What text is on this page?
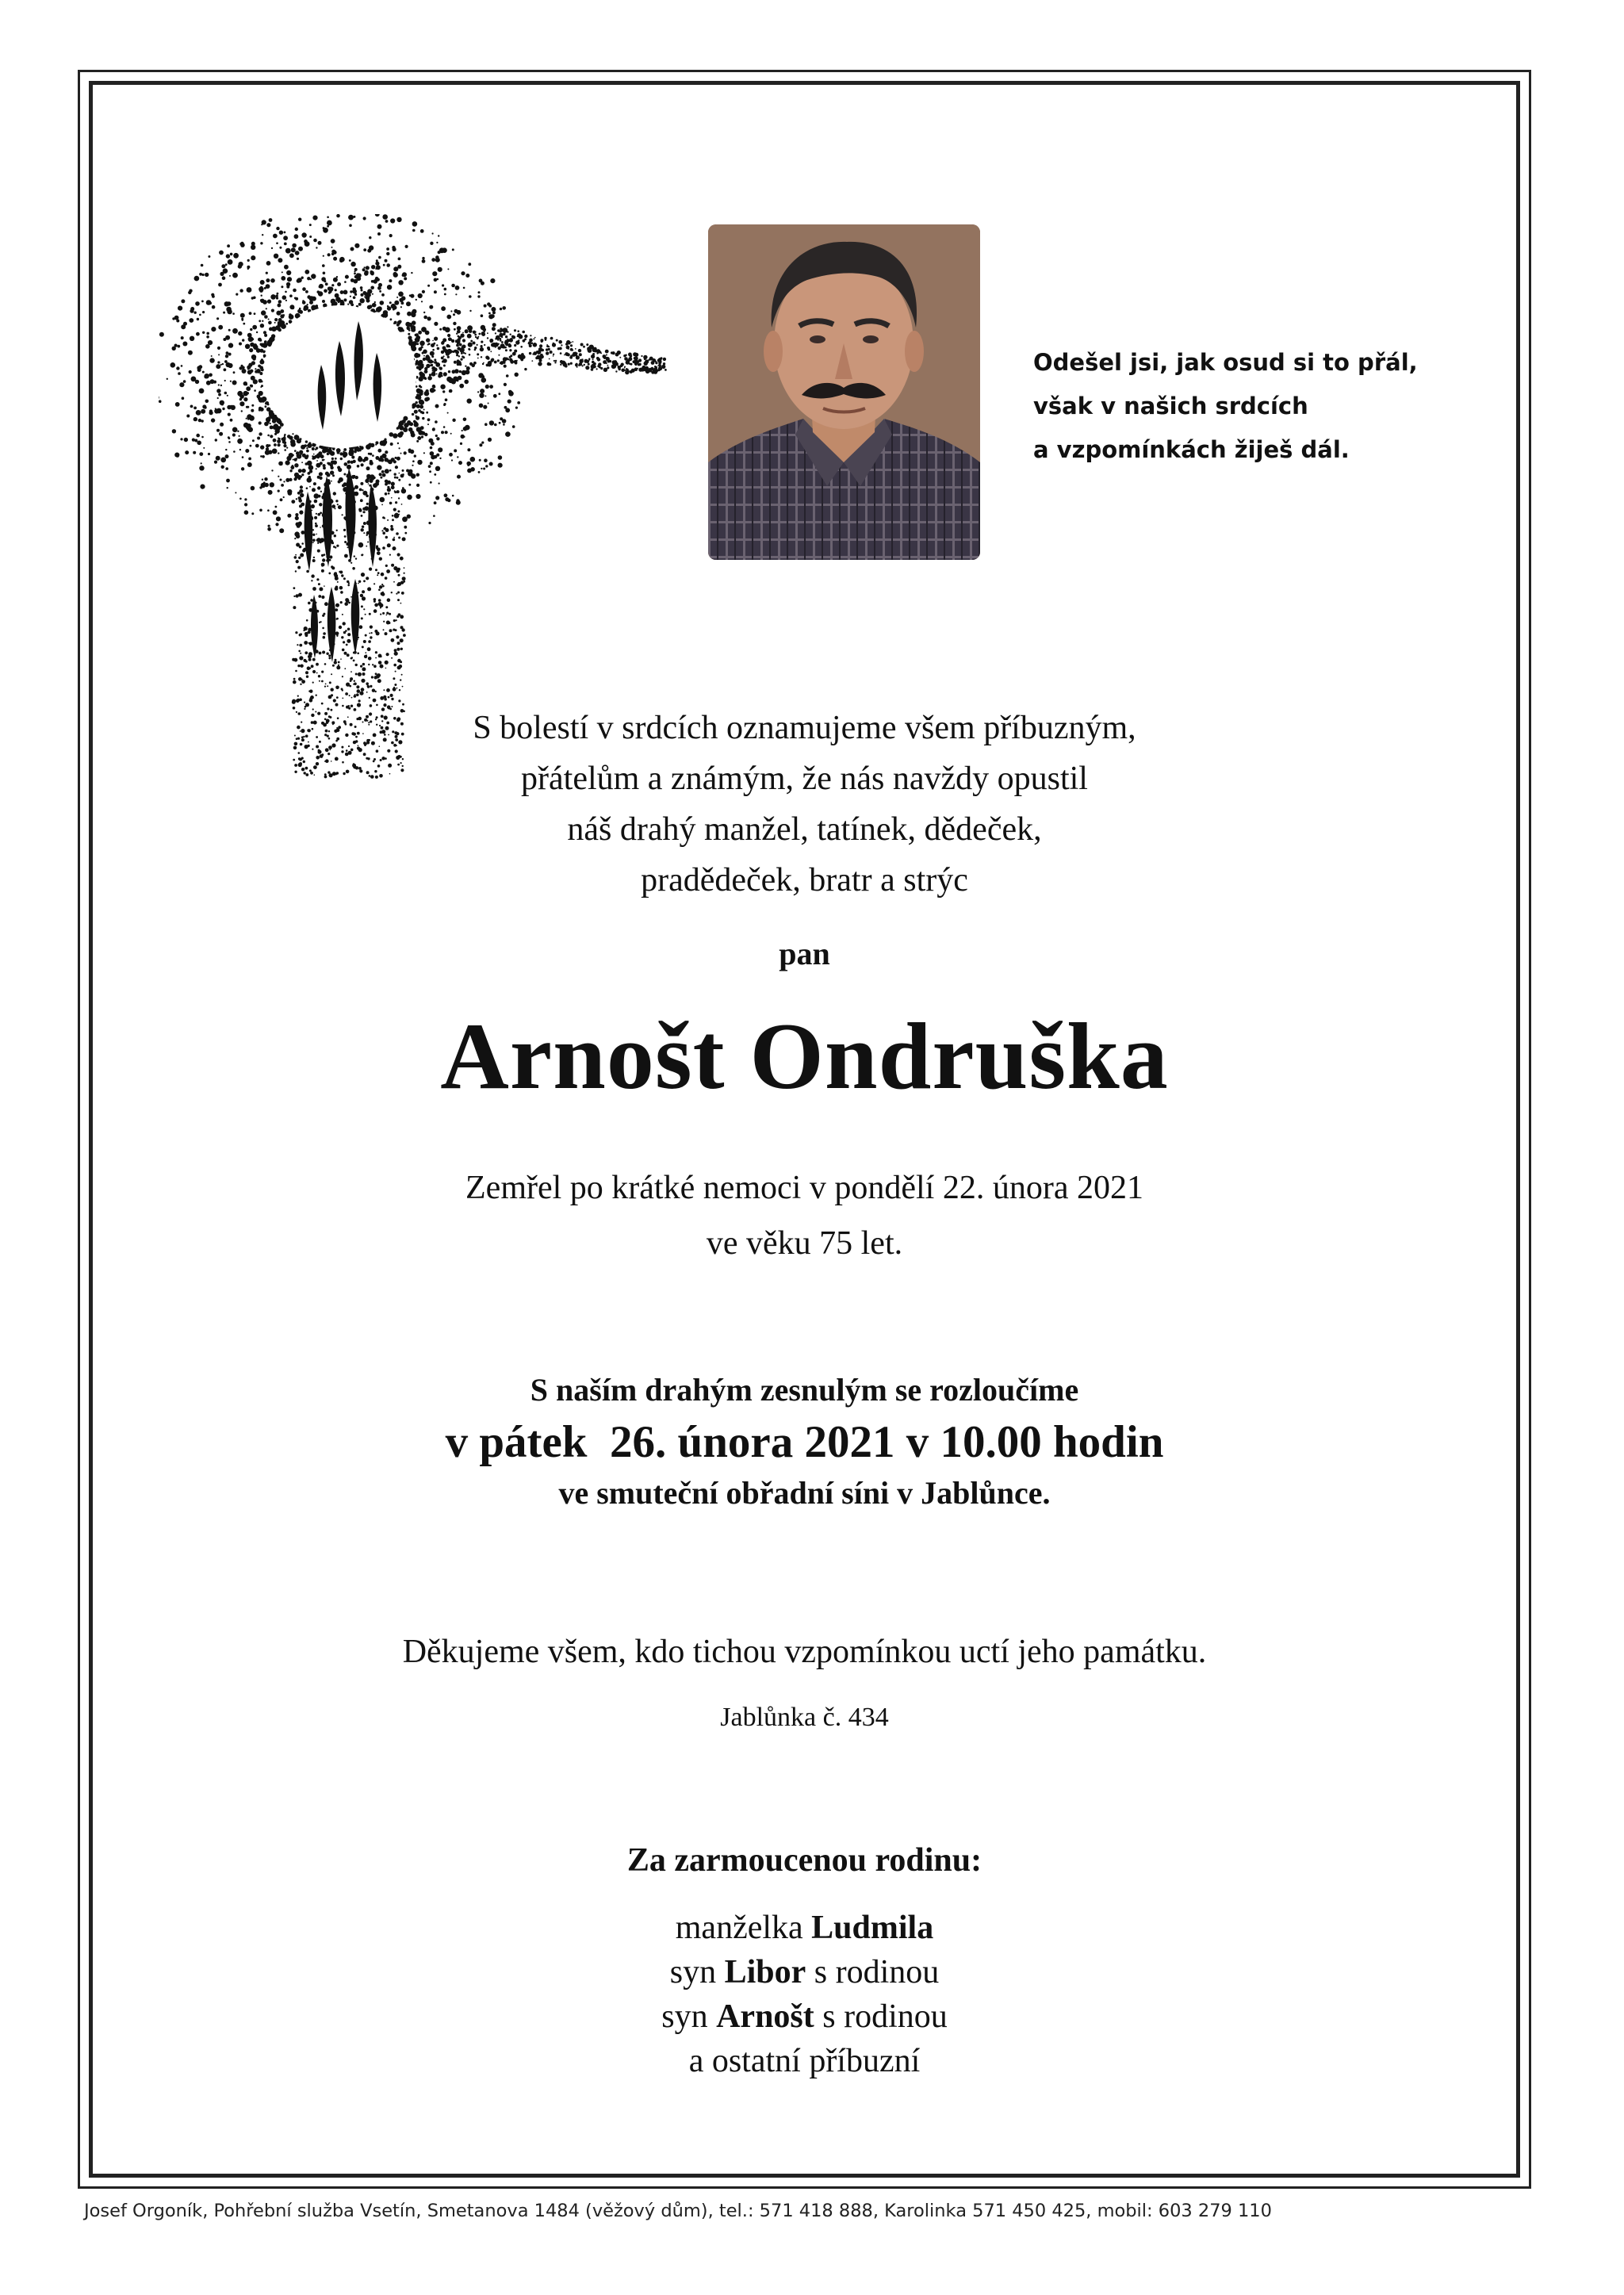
Odešel jsi, jak osud si to přál,
však v našich srdcích
a vzpomínkách žiješ dál.
S bolestí v srdcích oznamujeme všem příbuzným,
přátelům a známým, že nás navždy opustil
náš drahý manžel, tatínek, dědeček,
pradědeček, bratr a strýc
pan
Arnošt Ondruška
Zemřel po krátké nemoci v pondělí 22. února 2021
ve věku 75 let.
S naším drahým zesnulým se rozloučíme
v pátek  26. února 2021 v 10.00 hodin
ve smuteční obřadní síni v Jablůnce.
Děkujeme všem, kdo tichou vzpomínkou uctí jeho památku.
Jablůnka č. 434
Za zarmoucenou rodinu:
manželka Ludmila
syn Libor s rodinou
syn Arnošt s rodinou
a ostatní příbuzní
Josef Orgoník, Pohřební služba Vsetín, Smetanova 1484 (věžový dům), tel.: 571 418 888, Karolinka 571 450 425, mobil: 603 279 110
